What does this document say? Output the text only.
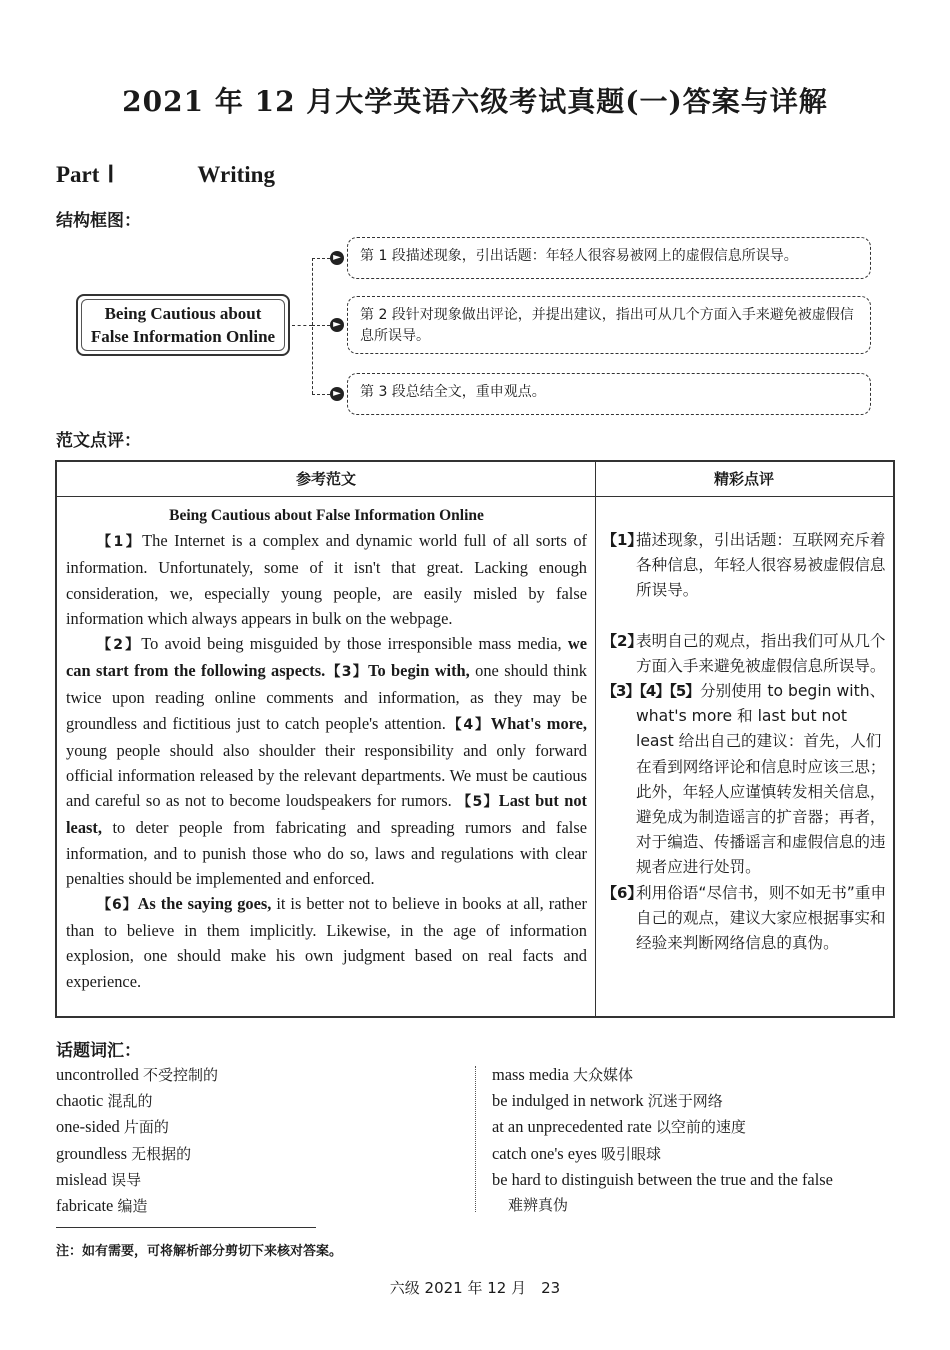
2021 年 12 月大学英语六级考试真题(一)答案与详解
Part Ⅰ	Writing
结构框图：
Being Cautious about
False Information Online
►	第 1 段描述现象，引出话题：年轻人很容易被网上的虚假信息所误导。
►
第 2 段针对现象做出评论，并提出建议，指出可从几个方面入手来避免被虚假信息所误导。
►	第 3 段总结全文，重申观点。
范文点评：
参考范文	精彩点评
Being Cautious about False Information Online

【1】The Internet is a complex and dynamic world full of all sorts of information. Unfortunately, some of it isn't that great. Lacking enough consideration, we, especially young people, are easily misled by false information which always appears in bulk on the webpage.

【2】To avoid being misguided by those irresponsible mass media, we can start from the following aspects.【3】To begin with, one should think twice upon reading online comments and information, as they may be groundless and fictitious just to catch people's attention.【4】What's more, young people should also shoulder their responsibility and only forward official information released by the relevant departments. We must be cautious and careful so as not to become loudspeakers for rumors. 【5】Last but not least, to deter people from fabricating and spreading rumors and false information, and to punish those who do so, laws and regulations with clear penalties should be implemented and enforced.

【6】As the saying goes, it is better not to believe in books at all, rather than to believe in them implicitly. Likewise, in the age of information explosion, one should make his own judgment based on real facts and experience.

【1】
描述现象，引出话题：互联网充斥着各种信息，年轻人很容易被虚假信息所误导。
【2】
表明自己的观点，指出我们可从几个方面入手来避免被虚假信息所误导。
【3】【4】【5】 分别使用 to begin with、what's more 和 last but not least 给出自己的建议：首先，人们在看到网络评论和信息时应该三思；此外，年轻人应谨慎转发相关信息，避免成为制造谣言的扩音器；再者，对于编造、传播谣言和虚假信息的违规者应进行处罚。
【6】
利用俗语“尽信书，则不如无书”重申自己的观点，建议大家应根据事实和经验来判断网络信息的真伪。
话题词汇：
uncontrolled 不受控制的
chaotic 混乱的
one-sided 片面的
groundless 无根据的
mislead 误导
fabricate 编造
mass media 大众媒体
be indulged in network 沉迷于网络
at an unprecedented rate 以空前的速度
catch one's eyes 吸引眼球
be hard to distinguish between the true and the false
难辨真伪
注：如有需要，可将解析部分剪切下来核对答案。
六级 2021 年 12 月　23
